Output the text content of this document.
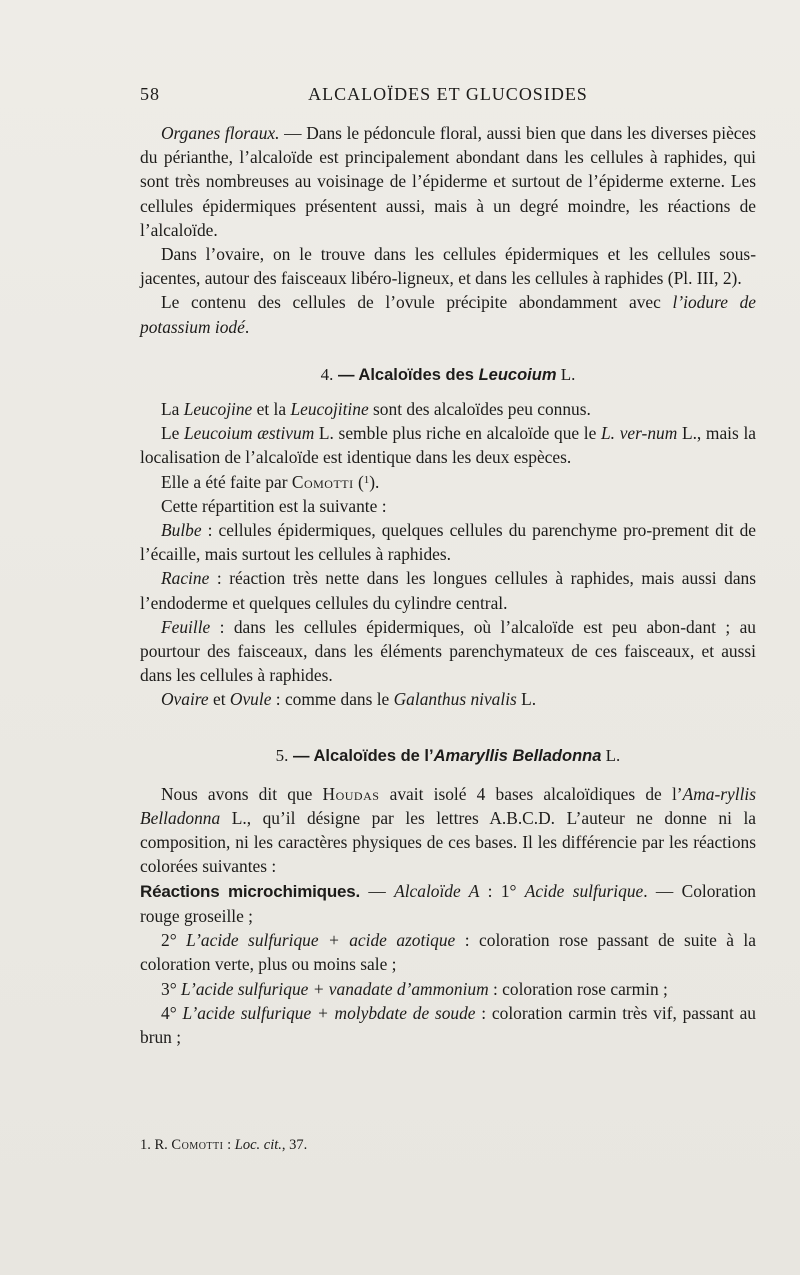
58	ALCALOÏDES ET GLUCOSIDES

Organes floraux. — Dans le pédoncule floral, aussi bien que dans les diverses pièces du périanthe, l’alcaloïde est principalement abondant dans les cellules à raphides, qui sont très nombreuses au voisinage de l’épiderme et surtout de l’épiderme externe. Les cellules épidermiques présentent aussi, mais à un degré moindre, les réactions de l’alcaloïde.

Dans l’ovaire, on le trouve dans les cellules épidermiques et les cellules sous-jacentes, autour des faisceaux libéro-ligneux, et dans les cellules à raphides (Pl. III, 2).

Le contenu des cellules de l’ovule précipite abondamment avec l’iodure de potassium iodé.

4. — Alcaloïdes des Leucoium L.

La Leucojine et la Leucojitine sont des alcaloïdes peu connus.

Le Leucoium æstivum L. semble plus riche en alcaloïde que le L. ver-num L., mais la localisation de l’alcaloïde est identique dans les deux espèces.

Elle a été faite par Comotti ($^1$).

Cette répartition est la suivante :

Bulbe : cellules épidermiques, quelques cellules du parenchyme pro-prement dit de l’écaille, mais surtout les cellules à raphides.

Racine : réaction très nette dans les longues cellules à raphides, mais aussi dans l’endoderme et quelques cellules du cylindre central.

Feuille : dans les cellules épidermiques, où l’alcaloïde est peu abon-dant ; au pourtour des faisceaux, dans les éléments parenchymateux de ces faisceaux, et aussi dans les cellules à raphides.

Ovaire et Ovule : comme dans le Galanthus nivalis L.

5. — Alcaloïdes de l’Amaryllis Belladonna L.

Nous avons dit que Houdas avait isolé 4 bases alcaloïdiques de l’Ama-ryllis Belladonna L., qu’il désigne par les lettres A.B.C.D. L’auteur ne donne ni la composition, ni les caractères physiques de ces bases. Il les différencie par les réactions colorées suivantes :

Réactions microchimiques. — Alcaloïde A : 1° Acide sulfurique. — Coloration rouge groseille ;

2° L’acide sulfurique + acide azotique : coloration rose passant de suite à la coloration verte, plus ou moins sale ;

3° L’acide sulfurique + vanadate d’ammonium : coloration rose carmin ;

4° L’acide sulfurique + molybdate de soude : coloration carmin très vif, passant au brun ;

1. R. Comotti : Loc. cit., 37.
